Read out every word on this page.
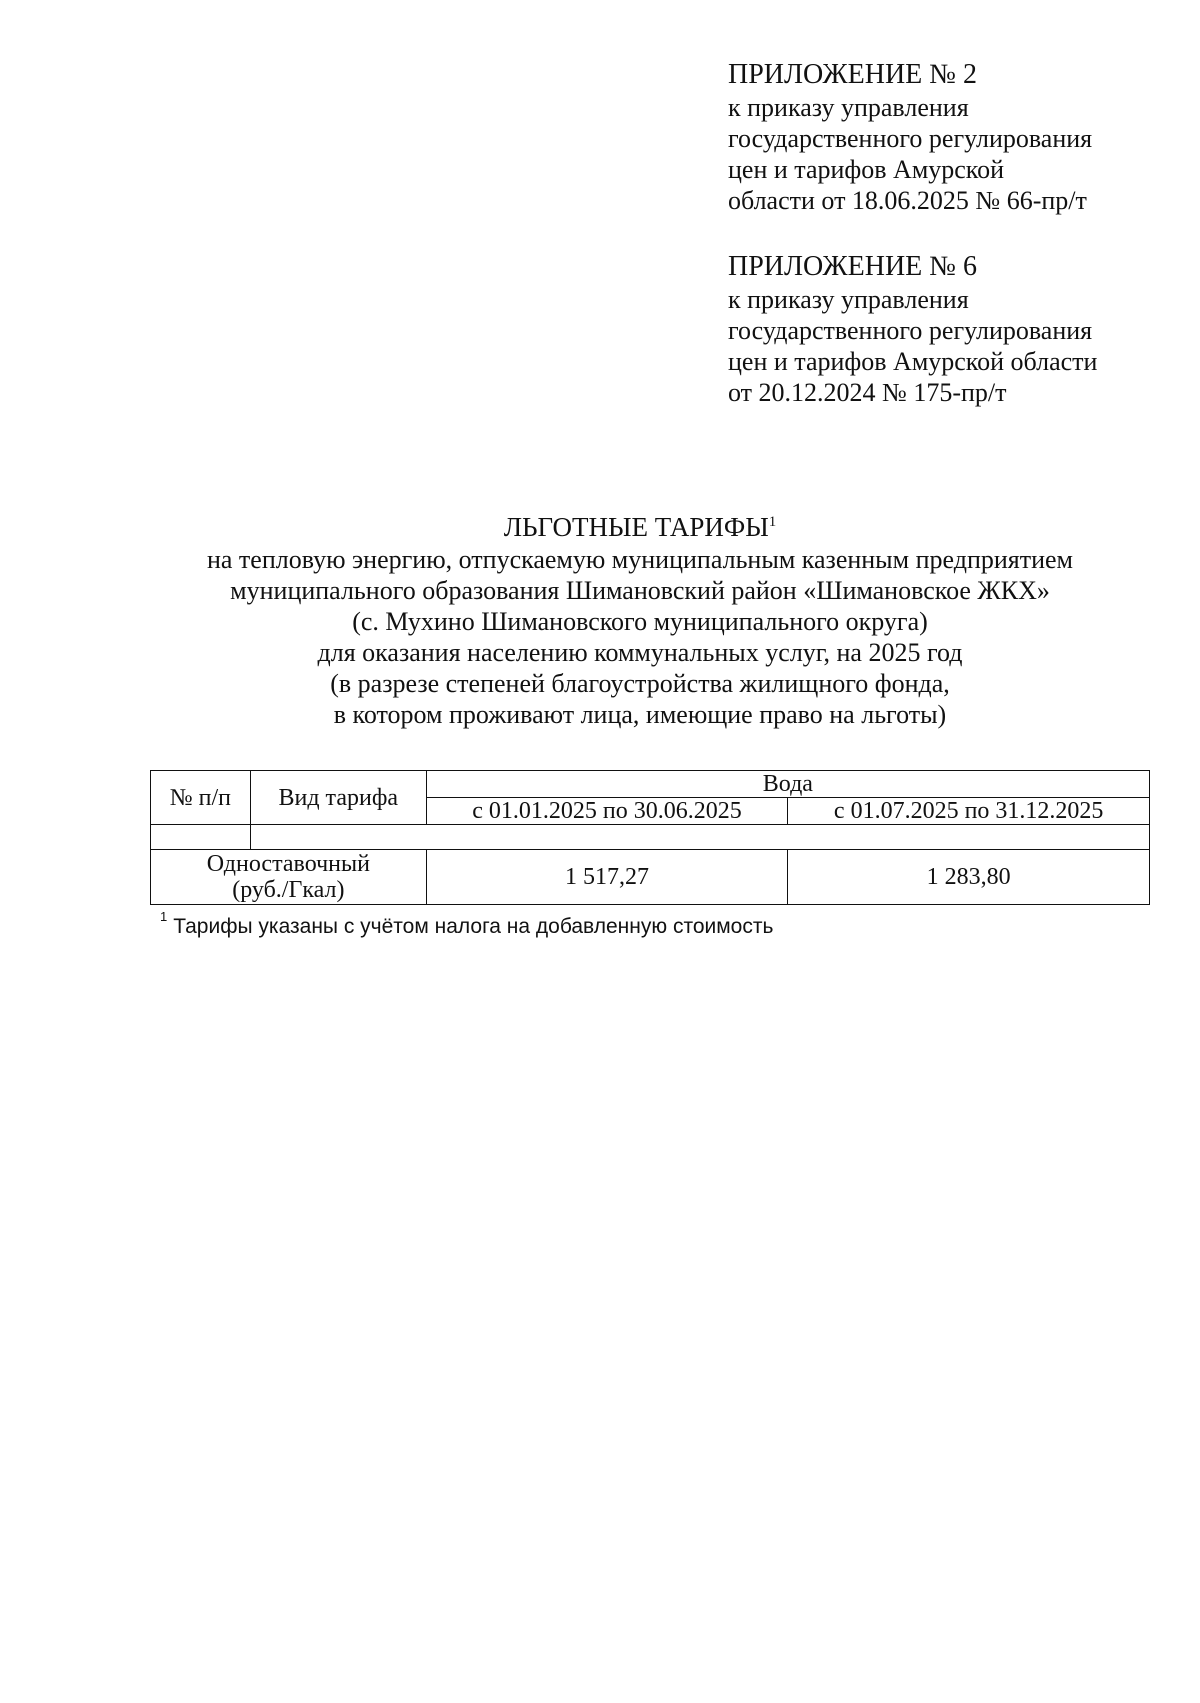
ПРИЛОЖЕНИЕ № 2
к приказу управления
государственного регулирования
цен и тарифов Амурской
области от 18.06.2025 № 66-пр/т
ПРИЛОЖЕНИЕ № 6
к приказу управления
государственного регулирования
цен и тарифов Амурской области
от 20.12.2024 № 175-пр/т
ЛЬГОТНЫЕ ТАРИФЫ$^1$
на тепловую энергию, отпускаемую муниципальным казенным предприятием
муниципального образования Шимановский район «Шимановское ЖКХ»
(с. Мухино Шимановского муниципального округа)
для оказания населению коммунальных услуг, на 2025 год
(в разрезе степеней благоустройства жилищного фонда,
в котором проживают лица, имеющие право на льготы)
№ п/п	Вид тарифа	Вода	
		с 01.01.2025 по 30.06.2025	с 01.07.2025 по 31.12.2025

Одноставочный
(руб./Гкал)		1 517,27	1 283,80
$^1$ Тарифы указаны с учётом налога на добавленную стоимость
